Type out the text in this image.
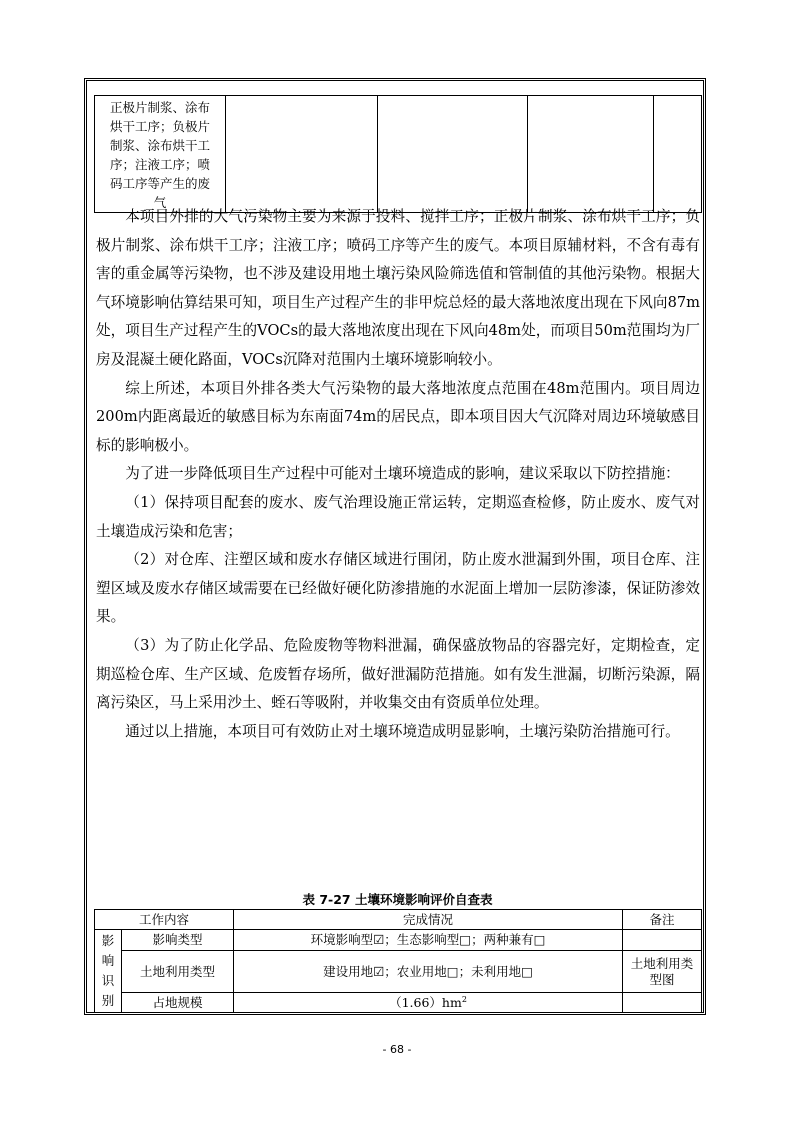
正极片制浆、涂布
烘干工序；负极片
制浆、涂布烘干工
序；注液工序；喷
码工序等产生的废
气

本项目外排的大气污染物主要为来源于投料、搅拌工序；正极片制浆、涂布烘干工序；负极片制浆、涂布烘干工序；注液工序；喷码工序等产生的废气。本项目原辅材料，不含有毒有害的重金属等污染物，也不涉及建设用地土壤污染风险筛选值和管制值的其他污染物。根据大气环境影响估算结果可知，项目生产过程产生的非甲烷总烃的最大落地浓度出现在下风向87m处，项目生产过程产生的VOCs的最大落地浓度出现在下风向48m处，而项目50m范围均为厂房及混凝土硬化路面，VOCs沉降对范围内土壤环境影响较小。

综上所述，本项目外排各类大气污染物的最大落地浓度点范围在48m范围内。项目周边200m内距离最近的敏感目标为东南面74m的居民点，即本项目因大气沉降对周边环境敏感目标的影响极小。

为了进一步降低项目生产过程中可能对土壤环境造成的影响，建议采取以下防控措施：

（1）保持项目配套的废水、废气治理设施正常运转，定期巡查检修，防止废水、废气对土壤造成污染和危害；

（2）对仓库、注塑区域和废水存储区域进行围闭，防止废水泄漏到外围，项目仓库、注塑区域及废水存储区域需要在已经做好硬化防渗措施的水泥面上增加一层防渗漆，保证防渗效果。

（3）为了防止化学品、危险废物等物料泄漏，确保盛放物品的容器完好，定期检查，定期巡检仓库、生产区域、危废暂存场所，做好泄漏防范措施。如有发生泄漏，切断污染源，隔离污染区，马上采用沙土、蛭石等吸附，并收集交由有资质单位处理。

通过以上措施，本项目可有效防止对土壤环境造成明显影响，土壤污染防治措施可行。

表 7-27 土壤环境影响评价自查表
工作内容		完成情况	备注

影
响
识
别	影响类型	环境影响型☑；生态影响型□；两种兼有□	
	土地利用类型	建设用地☑；农业用地□；未利用地□	土地利用类
型图

	占地规模	$(1.66)hm^2$	
- 68 -
